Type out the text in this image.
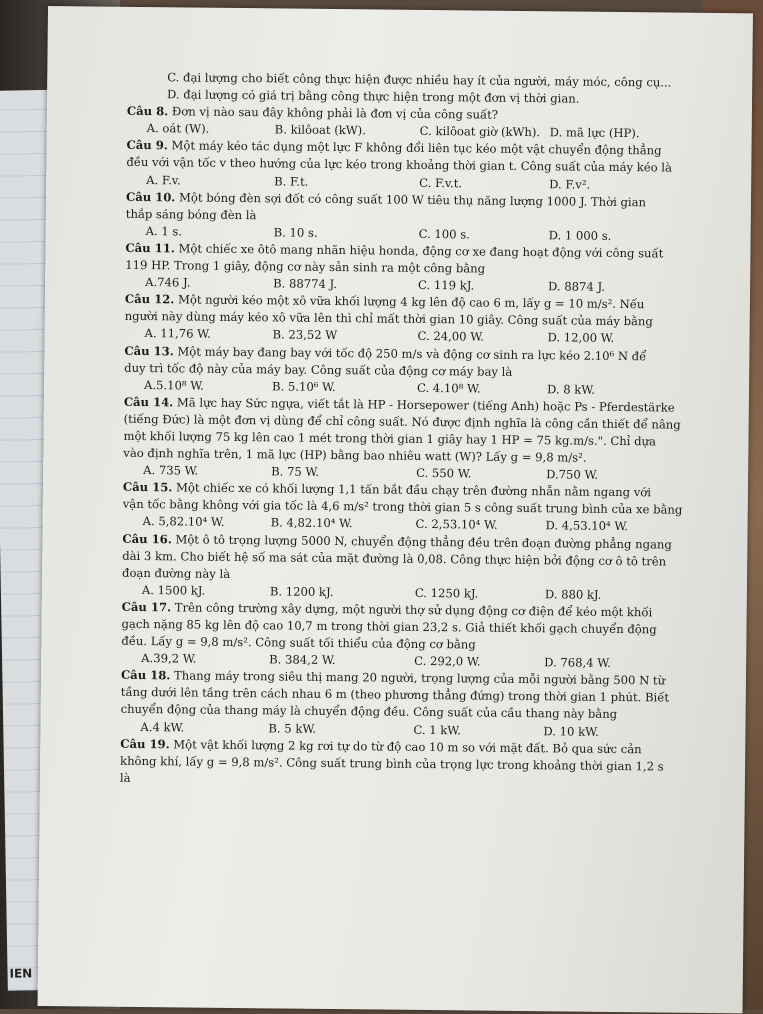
IEN
C. đại lượng cho biết công thực hiện được nhiều hay ít của người, máy móc, công cụ...
D. đại lượng có giá trị bằng công thực hiện trong một đơn vị thời gian.
Câu 8. Đơn vị nào sau đây không phải là đơn vị của công suất?
A. oát (W).	B. kilôoat (kW).	C. kilôoat giờ (kWh). D. mã lực (HP).
Câu 9. Một máy kéo tác dụng một lực F không đổi liên tục kéo một vật chuyển động thẳng
đều với vận tốc v theo hướng của lực kéo trong khoảng thời gian t. Công suất của máy kéo là
A. F.v.	B. F.t.	C. F.v.t.	D. F.v².
Câu 10. Một bóng đèn sợi đốt có công suất 100 W tiêu thụ năng lượng 1000 J. Thời gian
thắp sáng bóng đèn là
A. 1 s.	B. 10 s.	C. 100 s.	D. 1 000 s.
Câu 11. Một chiếc xe ôtô mang nhãn hiệu honda, động cơ xe đang hoạt động với công suất
119 HP. Trong 1 giây, động cơ này sản sinh ra một công bằng
A.746 J.	B. 88774 J.	C. 119 kJ.	D. 8874 J.
Câu 12. Một người kéo một xô vữa khối lượng 4 kg lên độ cao 6 m, lấy g = 10 m/s². Nếu
người này dùng máy kéo xô vữa lên thì chỉ mất thời gian 10 giây. Công suất của máy bằng
A. 11,76 W.	B. 23,52 W	C. 24,00 W.	D. 12,00 W.
Câu 13. Một máy bay đang bay với tốc độ 250 m/s và động cơ sinh ra lực kéo 2.10⁶ N để
duy trì tốc độ này của máy bay. Công suất của động cơ máy bay là
A.5.10⁸ W.	B. 5.10⁶ W.	C. 4.10⁸ W.	D. 8 kW.
Câu 14. Mã lực hay Sức ngựa, viết tắt là HP - Horsepower (tiếng Anh) hoặc Ps - Pferdestärke
(tiếng Đức) là một đơn vị dùng để chỉ công suất. Nó được định nghĩa là công cần thiết để nâng
một khối lượng 75 kg lên cao 1 mét trong thời gian 1 giây hay 1 HP = 75 kg.m/s.". Chỉ dựa
vào định nghĩa trên, 1 mã lực (HP) bằng bao nhiêu watt (W)? Lấy g = 9,8 m/s².
A. 735 W.	B. 75 W.	C. 550 W.	D.750 W.
Câu 15. Một chiếc xe có khối lượng 1,1 tấn bắt đầu chạy trên đường nhẵn nằm ngang với
vận tốc bằng không với gia tốc là 4,6 m/s² trong thời gian 5 s công suất trung bình của xe bằng
A. 5,82.10⁴ W.	B. 4,82.10⁴ W.	C. 2,53.10⁴ W.	D. 4,53.10⁴ W.
Câu 16. Một ô tô trọng lượng 5000 N, chuyển động thẳng đều trên đoạn đường phẳng ngang
dài 3 km. Cho biết hệ số ma sát của mặt đường là 0,08. Công thực hiện bởi động cơ ô tô trên
đoạn đường này là
A. 1500 kJ.	B. 1200 kJ.	C. 1250 kJ.	D. 880 kJ.
Câu 17. Trên công trường xây dựng, một người thợ sử dụng động cơ điện để kéo một khối
gạch nặng 85 kg lên độ cao 10,7 m trong thời gian 23,2 s. Giả thiết khối gạch chuyển động
đều. Lấy g = 9,8 m/s². Công suất tối thiểu của động cơ bằng
A.39,2 W.	B. 384,2 W.	C. 292,0 W.	D. 768,4 W.
Câu 18. Thang máy trong siêu thị mang 20 người, trọng lượng của mỗi người bằng 500 N từ
tầng dưới lên tầng trên cách nhau 6 m (theo phương thẳng đứng) trong thời gian 1 phút. Biết
chuyển động của thang máy là chuyển động đều. Công suất của cầu thang này bằng
A.4 kW.	B. 5 kW.	C. 1 kW.	D. 10 kW.
Câu 19. Một vật khối lượng 2 kg rơi tự do từ độ cao 10 m so với mặt đất. Bỏ qua sức cản
không khí, lấy g = 9,8 m/s². Công suất trung bình của trọng lực trong khoảng thời gian 1,2 s
là
